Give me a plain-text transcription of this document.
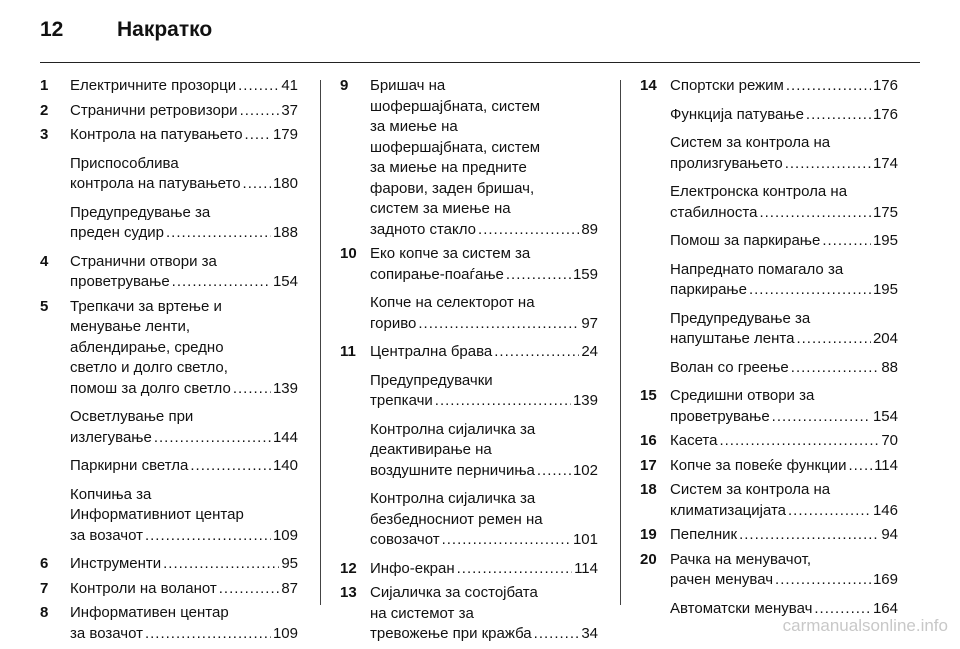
12	Накратко
1 Електричните прозорци .....	41
2 Странични ретровизори .....	37
3 Контрола на патувањето ..... 179
Приспособлива
контрола на патувањето ..... 180
Предупредување за
преден судир .....	188
4 Странични отвори за
проветрување .....	154
5 Трепкачи за вртење и
менување ленти,
аблендирање, средно
светло и долго светло,
помош за долго светло .....	139
Осветлување при
излегување .....	144
Паркирни светла .....	140
Копчиња за
Информативниот центар
за возачот .....	109
6 Инструменти .....	95
7 Контроли на воланот .....	87
8 Информативен центар
за возачот .....	109
9 Бришач на
шофершајбната, систем
за миење на
шофершајбната, систем
за миење на предните
фарови, заден бришач,
систем за миење на
задното стакло .....	89
10 Еко копче за систем за
сопирање-поаѓање .....	159
Копче на селекторот на
гориво .....	97
11 Централна брава .....	24
Предупредувачки
трепкачи .....	139
Контролна сијаличка за
деактивирање на
воздушните перничиња .....	102
Контролна сијаличка за
безбедносниот ремен на
совозачот .....	101
12 Инфо-екран .....	114
13 Сијаличка за состојбата
на системот за
тревожење при кражба .....	34
14 Спортски режим .....	176
Функција патување .....	176
Систем за контрола на
пролизгувањето .....	174
Електронска контрола на
стабилноста .....	175
Помош за паркирање .....	195
Напреднато помагало за
паркирање .....	195
Предупредување за
напуштање лента .....	204
Волан со греење .....	88
15 Средишни отвори за
проветрување .....	154
16 Касета .....	70
17 Копче за повеќе функции ..... 114
18 Систем за контрола на
климатизацијата .....	146
19 Пепелник .....	94
20 Рачка на менувачот,
рачен менувач .....	169
Автоматски менувач .....	164
carmanualsonline.info
